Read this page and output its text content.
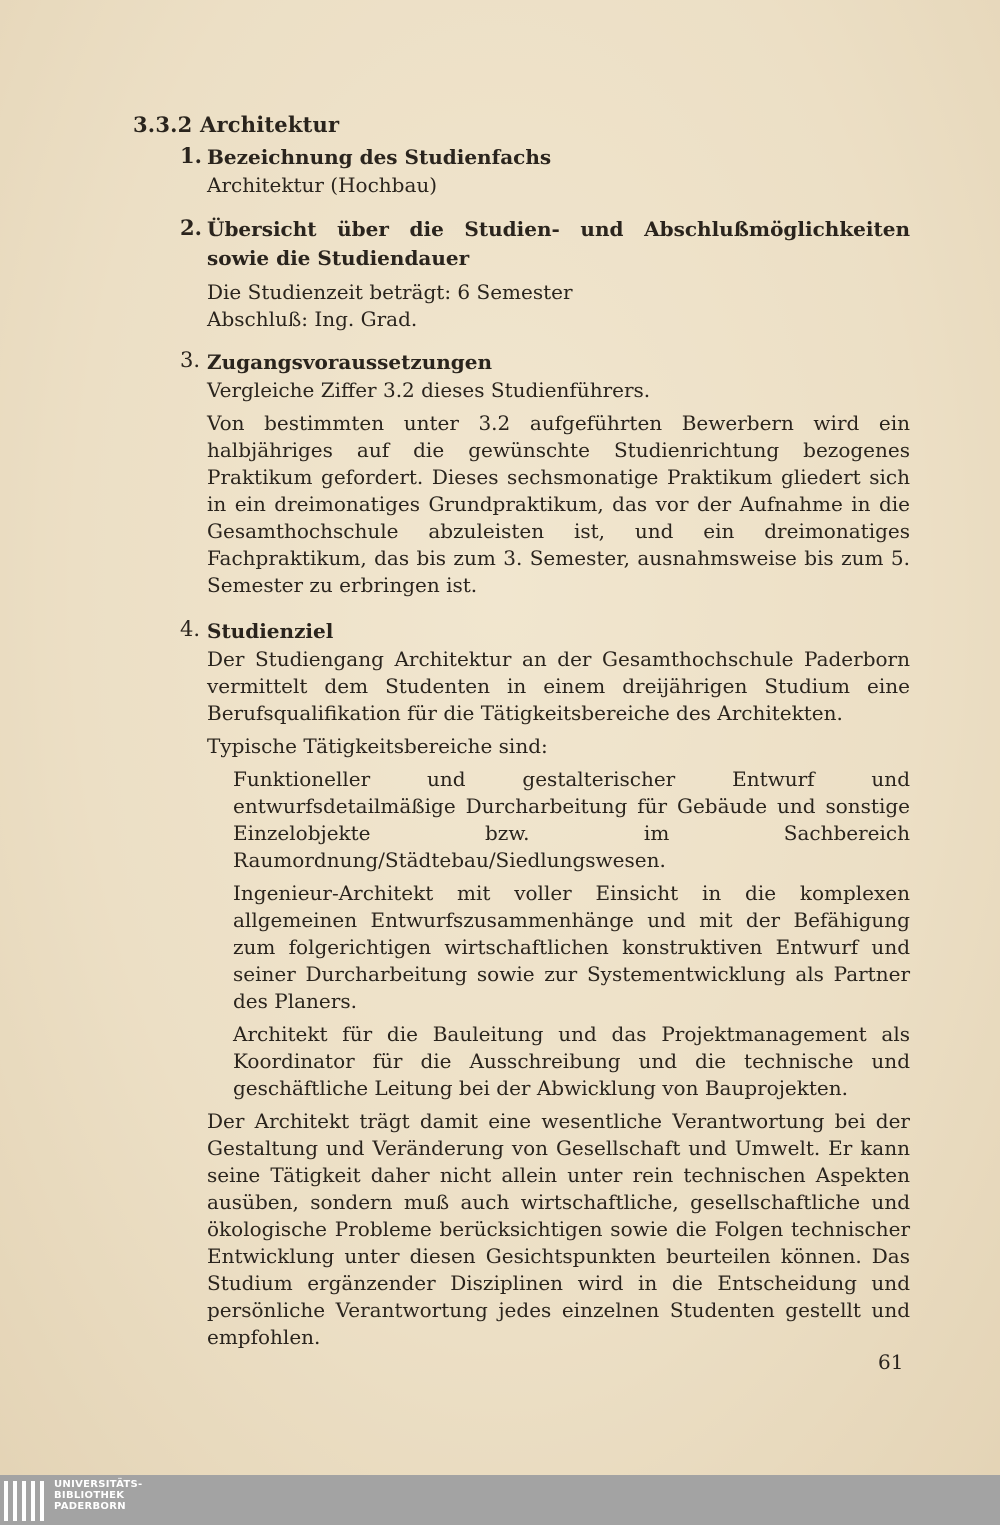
3.3.2 Architektur
1. Bezeichnung des Studienfachs

Architektur (Hochbau)

2. Übersicht über die Studien- und Abschlußmöglichkeiten sowie die Studiendauer

Die Studienzeit beträgt: 6 Semester

Abschluß: Ing. Grad.

3. Zugangsvoraussetzungen

Vergleiche Ziffer 3.2 dieses Studienführers.

Von bestimmten unter 3.2 aufgeführten Bewerbern wird ein halbjähriges auf die gewünschte Studienrichtung bezogenes Praktikum gefordert. Dieses sechsmonatige Praktikum gliedert sich in ein dreimonatiges Grundpraktikum, das vor der Aufnahme in die Gesamthochschule abzuleisten ist, und ein dreimonatiges Fachpraktikum, das bis zum 3. Semester, ausnahmsweise bis zum 5. Semester zu erbringen ist.

4. Studienziel

Der Studiengang Architektur an der Gesamthochschule Paderborn vermittelt dem Studenten in einem dreijährigen Studium eine Berufsqualifikation für die Tätigkeitsbereiche des Architekten.

Typische Tätigkeitsbereiche sind:

Funktioneller und gestalterischer Entwurf und entwurfsdetailmäßige Durcharbeitung für Gebäude und sonstige Einzelobjekte bzw. im Sachbereich Raumordnung/Städtebau/Siedlungswesen.

Ingenieur-Architekt mit voller Einsicht in die komplexen allgemeinen Entwurfszusammenhänge und mit der Befähigung zum folgerichtigen wirtschaftlichen konstruktiven Entwurf und seiner Durcharbeitung sowie zur Systementwicklung als Partner des Planers.

Architekt für die Bauleitung und das Projektmanagement als Koordinator für die Ausschreibung und die technische und geschäftliche Leitung bei der Abwicklung von Bauprojekten.

Der Architekt trägt damit eine wesentliche Verantwortung bei der Gestaltung und Veränderung von Gesellschaft und Umwelt. Er kann seine Tätigkeit daher nicht allein unter rein technischen Aspekten ausüben, sondern muß auch wirtschaftliche, gesellschaftliche und ökologische Probleme berücksichtigen sowie die Folgen technischer Entwicklung unter diesen Gesichtspunkten beurteilen können. Das Studium ergänzender Disziplinen wird in die Entscheidung und persönliche Verantwortung jedes einzelnen Studenten gestellt und empfohlen.

61
UNIVERSITÄTS-
BIBLIOTHEK
PADERBORN
